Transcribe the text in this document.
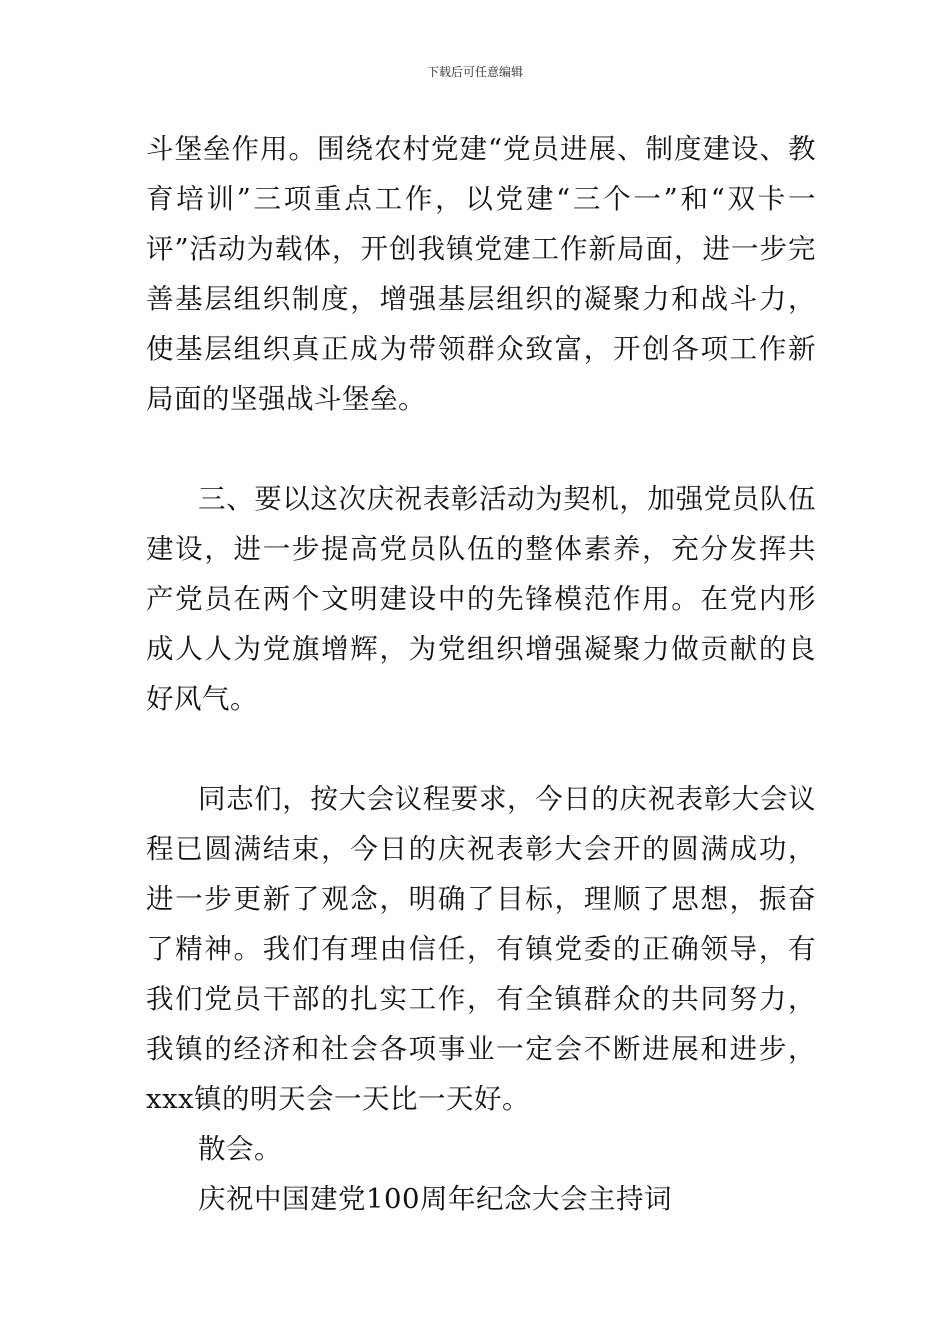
下载后可任意编辑

斗堡垒作用。围绕农村党建“党员进展、制度建设、教育培训”三项重点工作，以党建“三个一”和“双卡一评”活动为载体，开创我镇党建工作新局面，进一步完善基层组织制度，增强基层组织的凝聚力和战斗力，使基层组织真正成为带领群众致富，开创各项工作新局面的坚强战斗堡垒。

三、要以这次庆祝表彰活动为契机，加强党员队伍建设，进一步提高党员队伍的整体素养，充分发挥共产党员在两个文明建设中的先锋模范作用。在党内形成人人为党旗增辉，为党组织增强凝聚力做贡献的良好风气。

同志们，按大会议程要求，今日的庆祝表彰大会议程已圆满结束，今日的庆祝表彰大会开的圆满成功，进一步更新了观念，明确了目标，理顺了思想，振奋了精神。我们有理由信任，有镇党委的正确领导，有我们党员干部的扎实工作，有全镇群众的共同努力，我镇的经济和社会各项事业一定会不断进展和进步，xxx镇的明天会一天比一天好。

散会。

庆祝中国建党100周年纪念大会主持词
